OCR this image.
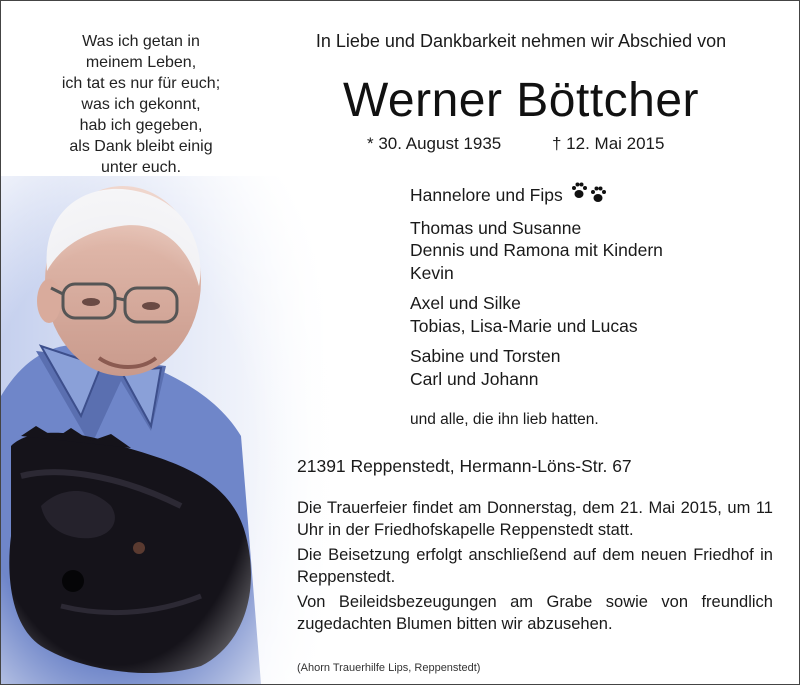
Was ich getan in
meinem Leben,
ich tat es nur für euch;
was ich gekonnt,
hab ich gegeben,
als Dank bleibt einig
unter euch.
In Liebe und Dankbarkeit nehmen wir Abschied von
Werner Böttcher
* 30. August 1935	† 12. Mai 2015
Hannelore und Fips
Thomas und Susanne
Dennis und Ramona mit Kindern
Kevin
Axel und Silke
Tobias, Lisa-Marie und Lucas
Sabine und Torsten
Carl und Johann
und alle, die ihn lieb hatten.
21391 Reppenstedt, Hermann-Löns-Str. 67

Die Trauerfeier findet am Donnerstag, dem 21. Mai 2015, um 11 Uhr in der Friedhofskapelle Reppenstedt statt.

Die Beisetzung erfolgt anschließend auf dem neuen Friedhof in Reppenstedt.

Von Beileidsbezeugungen am Grabe sowie von freundlich zugedachten Blumen bitten wir abzusehen.

(Ahorn Trauerhilfe Lips, Reppenstedt)
